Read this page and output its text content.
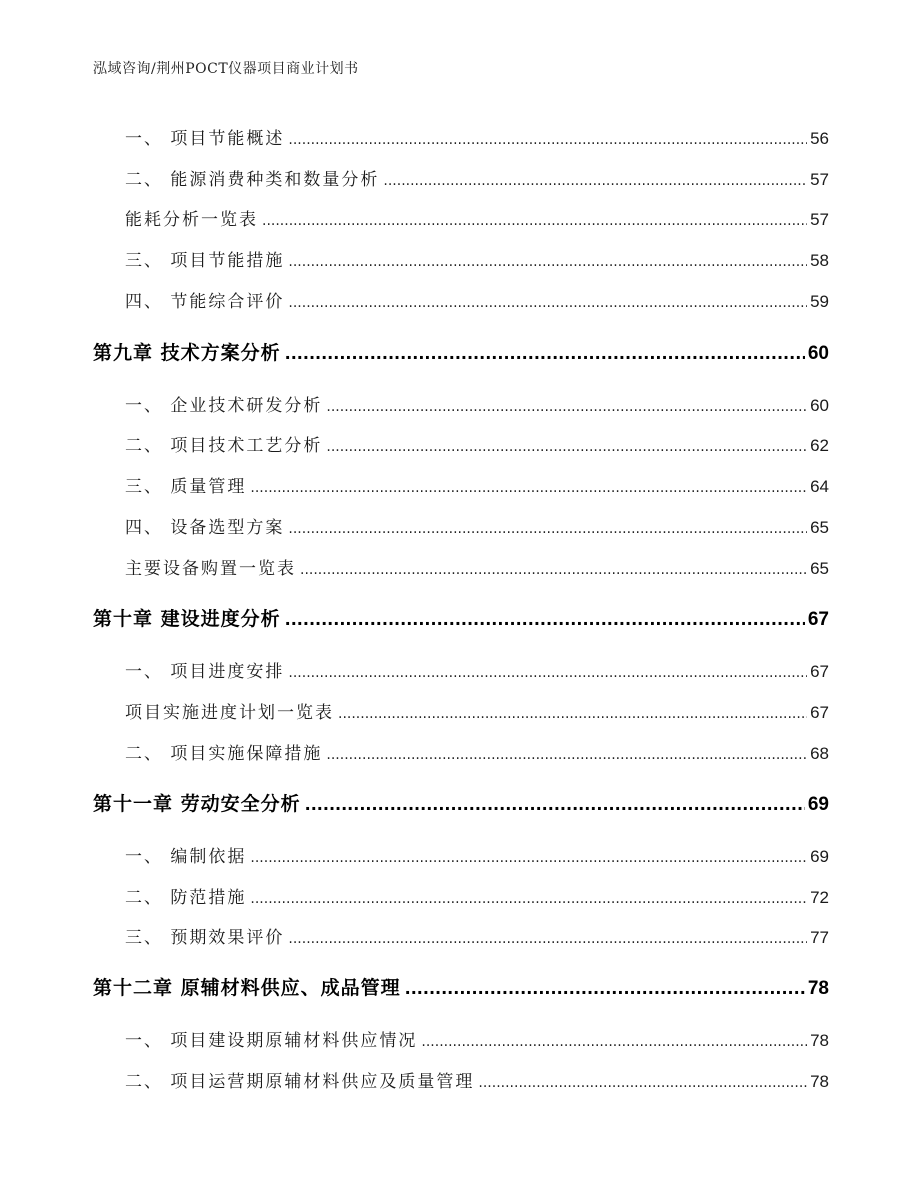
泓域咨询/荆州POCT仪器项目商业计划书
一、 项目节能概述 .....	56
二、 能源消费种类和数量分析 .....	57
能耗分析一览表 .....	57
三、 项目节能措施 .....	58
四、 节能综合评价 .....	59
第九章 技术方案分析 .....	60
一、 企业技术研发分析 .....	60
二、 项目技术工艺分析 .....	62
三、 质量管理 .....	64
四、 设备选型方案 .....	65
主要设备购置一览表 .....	65
第十章 建设进度分析 .....	67
一、 项目进度安排 .....	67
项目实施进度计划一览表 .....	67
二、 项目实施保障措施 .....	68
第十一章 劳动安全分析 .....	69
一、 编制依据 .....	69
二、 防范措施 .....	72
三、 预期效果评价 .....	77
第十二章 原辅材料供应、成品管理 .....	78
一、 项目建设期原辅材料供应情况 .....	78
二、 项目运营期原辅材料供应及质量管理 .....	78
